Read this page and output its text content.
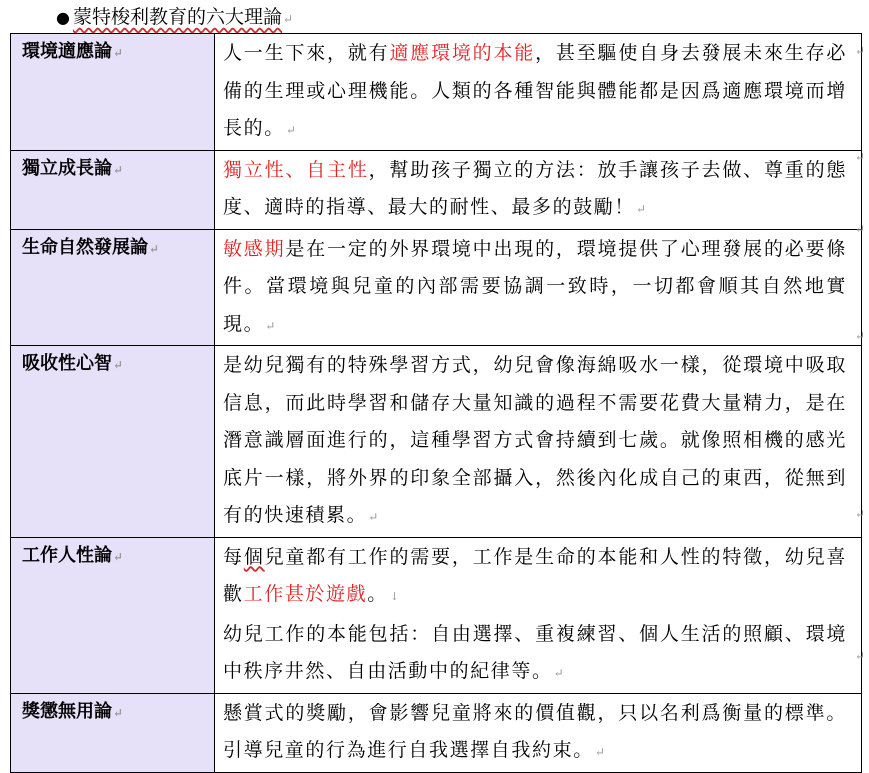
● 蒙特梭利教育的六大理論↵
環境適應論↵	人一生下來，就有適應環境的本能，甚至驅使自身去發展未來生存必備的生理或心理機能。人類的各種智能與體能都是因爲適應環境而增長的。↵
獨立成長論↵	獨立性、自主性，幫助孩子獨立的方法：放手讓孩子去做、尊重的態度、適時的指導、最大的耐性、最多的鼓勵！↵
生命自然發展論↵	敏感期是在一定的外界環境中出現的，環境提供了心理發展的必要條件。當環境與兒童的內部需要協調一致時，一切都會順其自然地實現。↵
吸收性心智↵	是幼兒獨有的特殊學習方式，幼兒會像海綿吸水一樣，從環境中吸取信息，而此時學習和儲存大量知識的過程不需要花費大量精力，是在潛意識層面進行的，這種學習方式會持續到七歲。就像照相機的感光底片一樣，將外界的印象全部攝入，然後內化成自己的東西，從無到有的快速積累。↵
工作人性論↵	每個兒童都有工作的需要，工作是生命的本能和人性的特徵，幼兒喜歡工作甚於遊戲。 ↓
幼兒工作的本能包括：自由選擇、重複練習、個人生活的照顧、環境中秩序井然、自由活動中的紀律等。↵
獎懲無用論↵	懸賞式的獎勵，會影響兒童將來的價值觀，只以名利爲衡量的標準。引導兒童的行為進行自我選擇自我約束。↵
↵
↵
↵
↵
↵
↵
